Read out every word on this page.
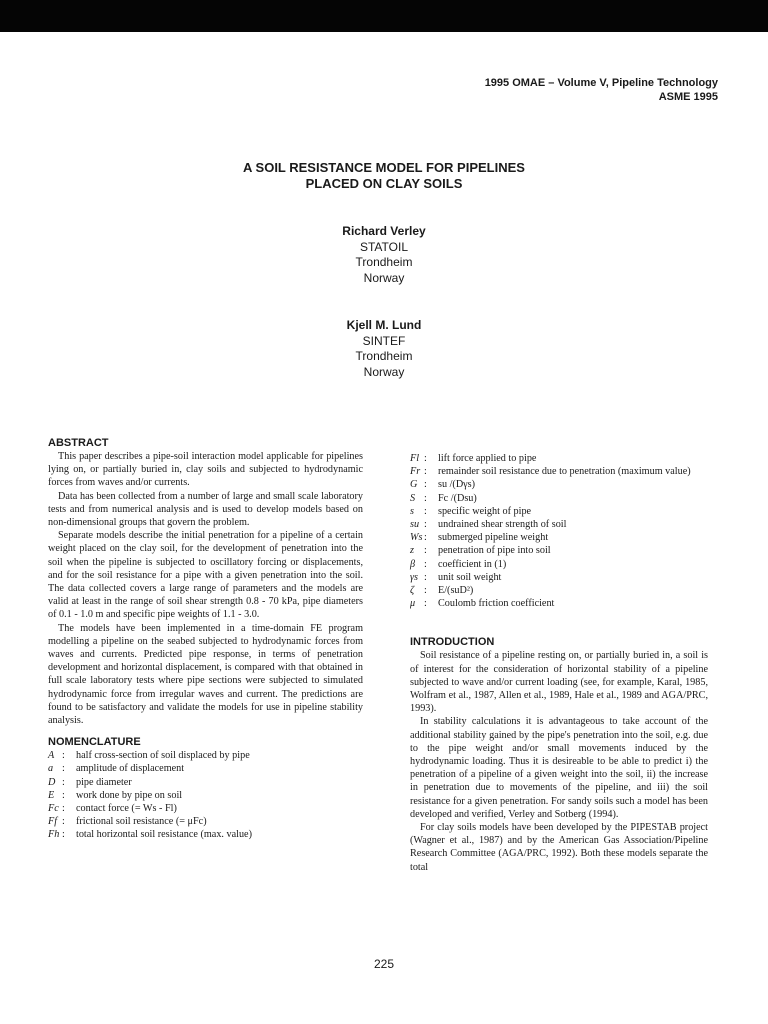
1995 OMAE – Volume V, Pipeline Technology
ASME 1995
A SOIL RESISTANCE MODEL FOR PIPELINES
PLACED ON CLAY SOILS
Richard Verley
STATOIL
Trondheim
Norway
Kjell M. Lund
SINTEF
Trondheim
Norway
ABSTRACT

This paper describes a pipe-soil interaction model applicable for pipelines lying on, or partially buried in, clay soils and subjected to hydrodynamic forces from waves and/or currents.

Data has been collected from a number of large and small scale laboratory tests and from numerical analysis and is used to develop models based on non-dimensional groups that govern the problem.

Separate models describe the initial penetration for a pipeline of a certain weight placed on the clay soil, for the development of penetration into the soil when the pipeline is subjected to oscillatory forcing or displacements, and for the soil resistance for a pipe with a given penetration into the soil. The data collected covers a large range of parameters and the models are valid at least in the range of soil shear strength 0.8 - 70 kPa, pipe diameters of 0.1 - 1.0 m and specific pipe weights of 1.1 - 3.0.

The models have been implemented in a time-domain FE program modelling a pipeline on the seabed subjected to hydrodynamic forces from waves and currents. Predicted pipe response, in terms of penetration development and horizontal displacement, is compared with that obtained in full scale laboratory tests where pipe sections were subjected to simulated hydrodynamic force from irregular waves and current. The predictions are found to be satisfactory and validate the models for use in pipeline stability analysis.

NOMENCLATURE
A :	half cross-section of soil displaced by pipe
a :	amplitude of displacement
D :	pipe diameter
E :	work done by pipe on soil
Fc :	contact force (= Ws - Fl)
Ff :	frictional soil resistance (= μFc)
Fh :	total horizontal soil resistance (max. value)
Fl :	lift force applied to pipe
Fr :	remainder soil resistance due to penetration (maximum value)
G :	su /(Dγs)
S :	Fc /(Dsu)
s :	specific weight of pipe
su :	undrained shear strength of soil
Ws :	submerged pipeline weight
z :	penetration of pipe into soil
β :	coefficient in (1)
γs :	unit soil weight
ζ :	E/(suD²)
μ :	Coulomb friction coefficient
INTRODUCTION

Soil resistance of a pipeline resting on, or partially buried in, a soil is of interest for the consideration of horizontal stability of a pipeline subjected to wave and/or current loading (see, for example, Karal, 1985, Wolfram et al., 1987, Allen et al., 1989, Hale et al., 1989 and AGA/PRC, 1993).

In stability calculations it is advantageous to take account of the additional stability gained by the pipe's penetration into the soil, e.g. due to the pipe weight and/or small movements induced by the hydrodynamic loading. Thus it is desireable to be able to predict i) the penetration of a pipeline of a given weight into the soil, ii) the increase in penetration due to movements of the pipeline, and iii) the soil resistance for a given penetration. For sandy soils such a model has been developed and verified, Verley and Sotberg (1994).

For clay soils models have been developed by the PIPESTAB project (Wagner et al., 1987) and by the American Gas Association/Pipeline Research Committee (AGA/PRC, 1992). Both these models separate the total

225
